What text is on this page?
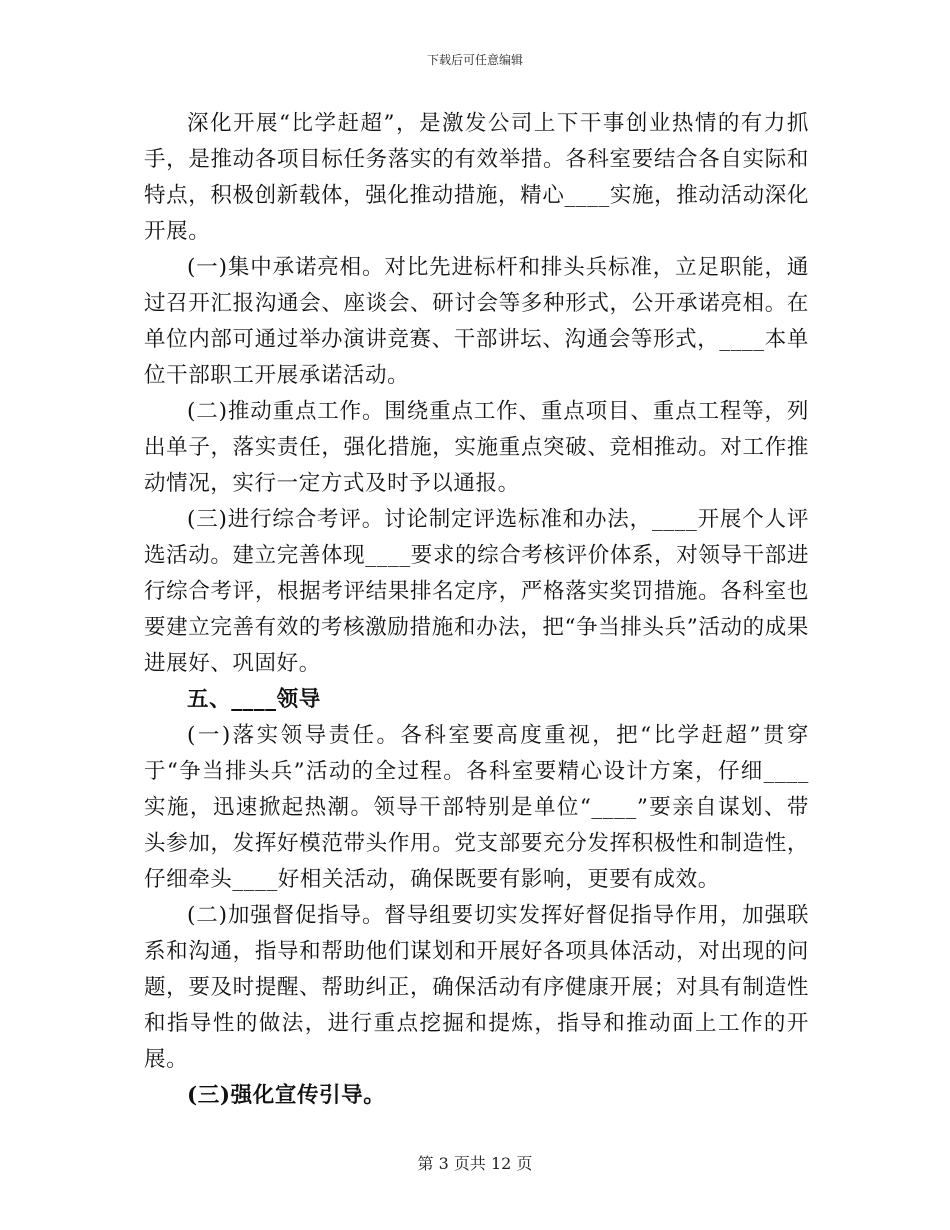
下载后可任意编辑

深化开展“比学赶超”，是激发公司上下干事创业热情的有力抓手，是推动各项目标任务落实的有效举措。各科室要结合各自实际和特点，积极创新载体，强化推动措施，精心____实施，推动活动深化开展。

(一)集中承诺亮相。对比先进标杆和排头兵标准，立足职能，通过召开汇报沟通会、座谈会、研讨会等多种形式，公开承诺亮相。在单位内部可通过举办演讲竞赛、干部讲坛、沟通会等形式，____本单位干部职工开展承诺活动。

(二)推动重点工作。围绕重点工作、重点项目、重点工程等，列出单子，落实责任，强化措施，实施重点突破、竞相推动。对工作推动情况，实行一定方式及时予以通报。

(三)进行综合考评。讨论制定评选标准和办法，____开展个人评选活动。建立完善体现____要求的综合考核评价体系，对领导干部进行综合考评，根据考评结果排名定序，严格落实奖罚措施。各科室也要建立完善有效的考核激励措施和办法，把“争当排头兵”活动的成果进展好、巩固好。

五、____领导

(一)落实领导责任。各科室要高度重视，把“比学赶超”贯穿于“争当排头兵”活动的全过程。各科室要精心设计方案，仔细____实施，迅速掀起热潮。领导干部特别是单位“____”要亲自谋划、带头参加，发挥好模范带头作用。党支部要充分发挥积极性和制造性，仔细牵头____好相关活动，确保既要有影响，更要有成效。

(二)加强督促指导。督导组要切实发挥好督促指导作用，加强联系和沟通，指导和帮助他们谋划和开展好各项具体活动，对出现的问题，要及时提醒、帮助纠正，确保活动有序健康开展；对具有制造性和指导性的做法，进行重点挖掘和提炼，指导和推动面上工作的开展。

(三)强化宣传引导。

第 3 页共 12 页
